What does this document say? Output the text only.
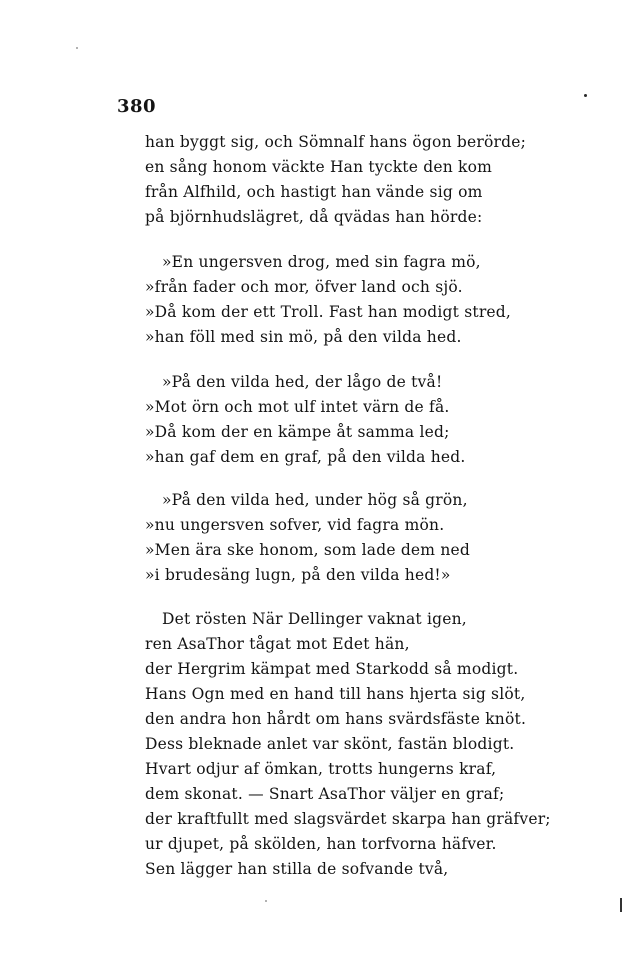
380
han byggt sig, och Sömnalf hans ögon berörde;
en sång honom väckte Han tyckte den kom
från Alfhild, och hastigt han vände sig om
på björnhudslägret, då qvädas han hörde:
»En ungersven drog, med sin fagra mö,
»från fader och mor, öfver land och sjö.
»Då kom der ett Troll. Fast han modigt stred,
»han föll med sin mö, på den vilda hed.
»På den vilda hed, der lågo de två!
»Mot örn och mot ulf intet värn de få.
»Då kom der en kämpe åt samma led;
»han gaf dem en graf, på den vilda hed.
»På den vilda hed, under hög så grön,
»nu ungersven sofver, vid fagra mön.
»Men ära ske honom, som lade dem ned
»i brudesäng lugn, på den vilda hed!»
Det rösten När Dellinger vaknat igen,
ren AsaThor tågat mot Edet hän,
der Hergrim kämpat med Starkodd så modigt.
Hans Ogn med en hand till hans hjerta sig slöt,
den andra hon hårdt om hans svärdsfäste knöt.
Dess bleknade anlet var skönt, fastän blodigt.
Hvart odjur af ömkan, trotts hungerns kraf,
dem skonat. — Snart AsaThor väljer en graf;
der kraftfullt med slagsvärdet skarpa han gräfver;
ur djupet, på skölden, han torfvorna häfver.
Sen lägger han stilla de sofvande två,
